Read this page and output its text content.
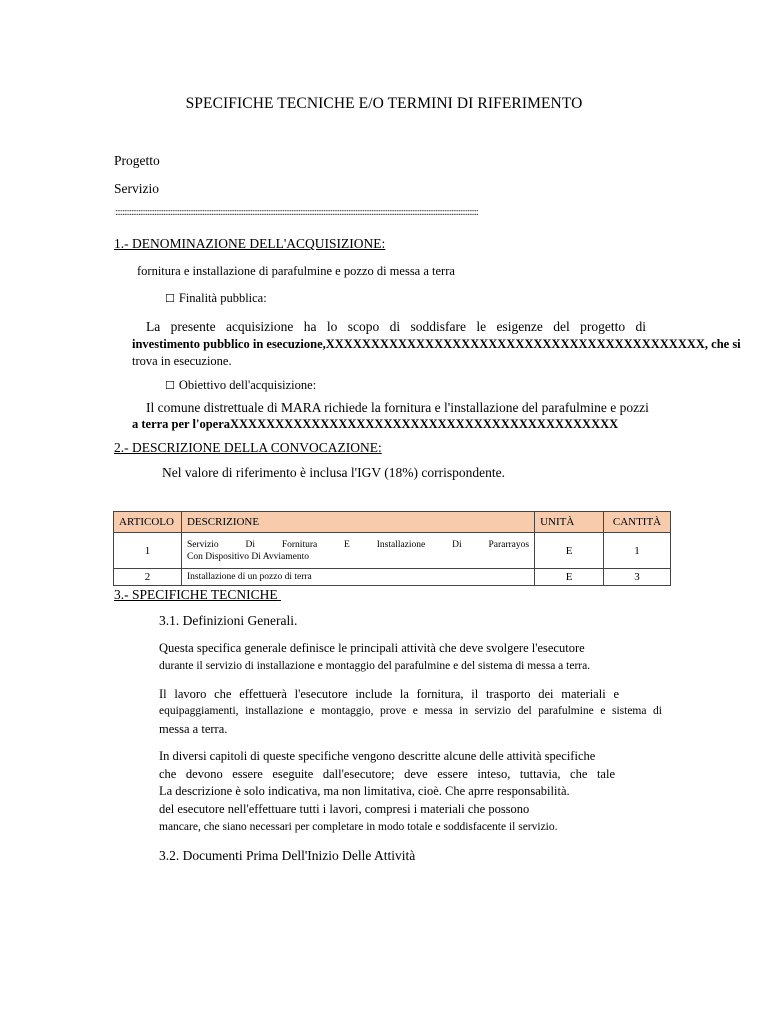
SPECIFICHE TECNICHE E/O TERMINI DI RIFERIMENTO
Progetto
Servizio
::::::::::::::::::::::::::::::::::::::::::::::::::::::::::::::::::::::::::::::::::::::::::::::::::::::::::::::::::::::::::::::::::::::::::::::::::::::::::::::::::::::::::::::::::::::::::::::::::::::::::::
1.- DENOMINAZIONE DELL'ACQUISIZIONE:
fornitura e installazione di parafulmine e pozzo di messa a terra
☐ Finalità pubblica:
La presente acquisizione ha lo scopo di soddisfare le esigenze del progetto di
investimento pubblico in esecuzione,XXXXXXXXXXXXXXXXXXXXXXXXXXXXXXXXXXXXXXXXXX, che si
trova in esecuzione.
☐ Obiettivo dell'acquisizione:
Il comune distrettuale di MARA richiede la fornitura e l'installazione del parafulmine e pozzi
a terra per l'operaXXXXXXXXXXXXXXXXXXXXXXXXXXXXXXXXXXXXXXXXXXX
2.- DESCRIZIONE DELLA CONVOCAZIONE:
Nel valore di riferimento è inclusa l'IGV (18%) corrispondente.
ARTICOLO	DESCRIZIONE	UNITÀ	CANTITÀ
1	Servizio Di Fornitura E Installazione Di Pararrayos
Con Dispositivo Di Avviamento	E	1
2	Installazione di un pozzo di terra	E	3
3.- SPECIFICHE TECNICHE
3.1. Definizioni Generali.
Questa specifica generale definisce le principali attività che deve svolgere l'esecutore
durante il servizio di installazione e montaggio del parafulmine e del sistema di messa a terra.
Il lavoro che effettuerà l'esecutore include la fornitura, il trasporto dei materiali e
equipaggiamenti, installazione e montaggio, prove e messa in servizio del parafulmine e sistema di
messa a terra.
In diversi capitoli di queste specifiche vengono descritte alcune delle attività specifiche
che devono essere eseguite dall'esecutore; deve essere inteso, tuttavia, che tale
La descrizione è solo indicativa, ma non limitativa, cioè. Che aprre responsabilità.
del esecutore nell'effettuare tutti i lavori, compresi i materiali che possono
mancare, che siano necessari per completare in modo totale e soddisfacente il servizio.
3.2. Documenti Prima Dell'Inizio Delle Attività
